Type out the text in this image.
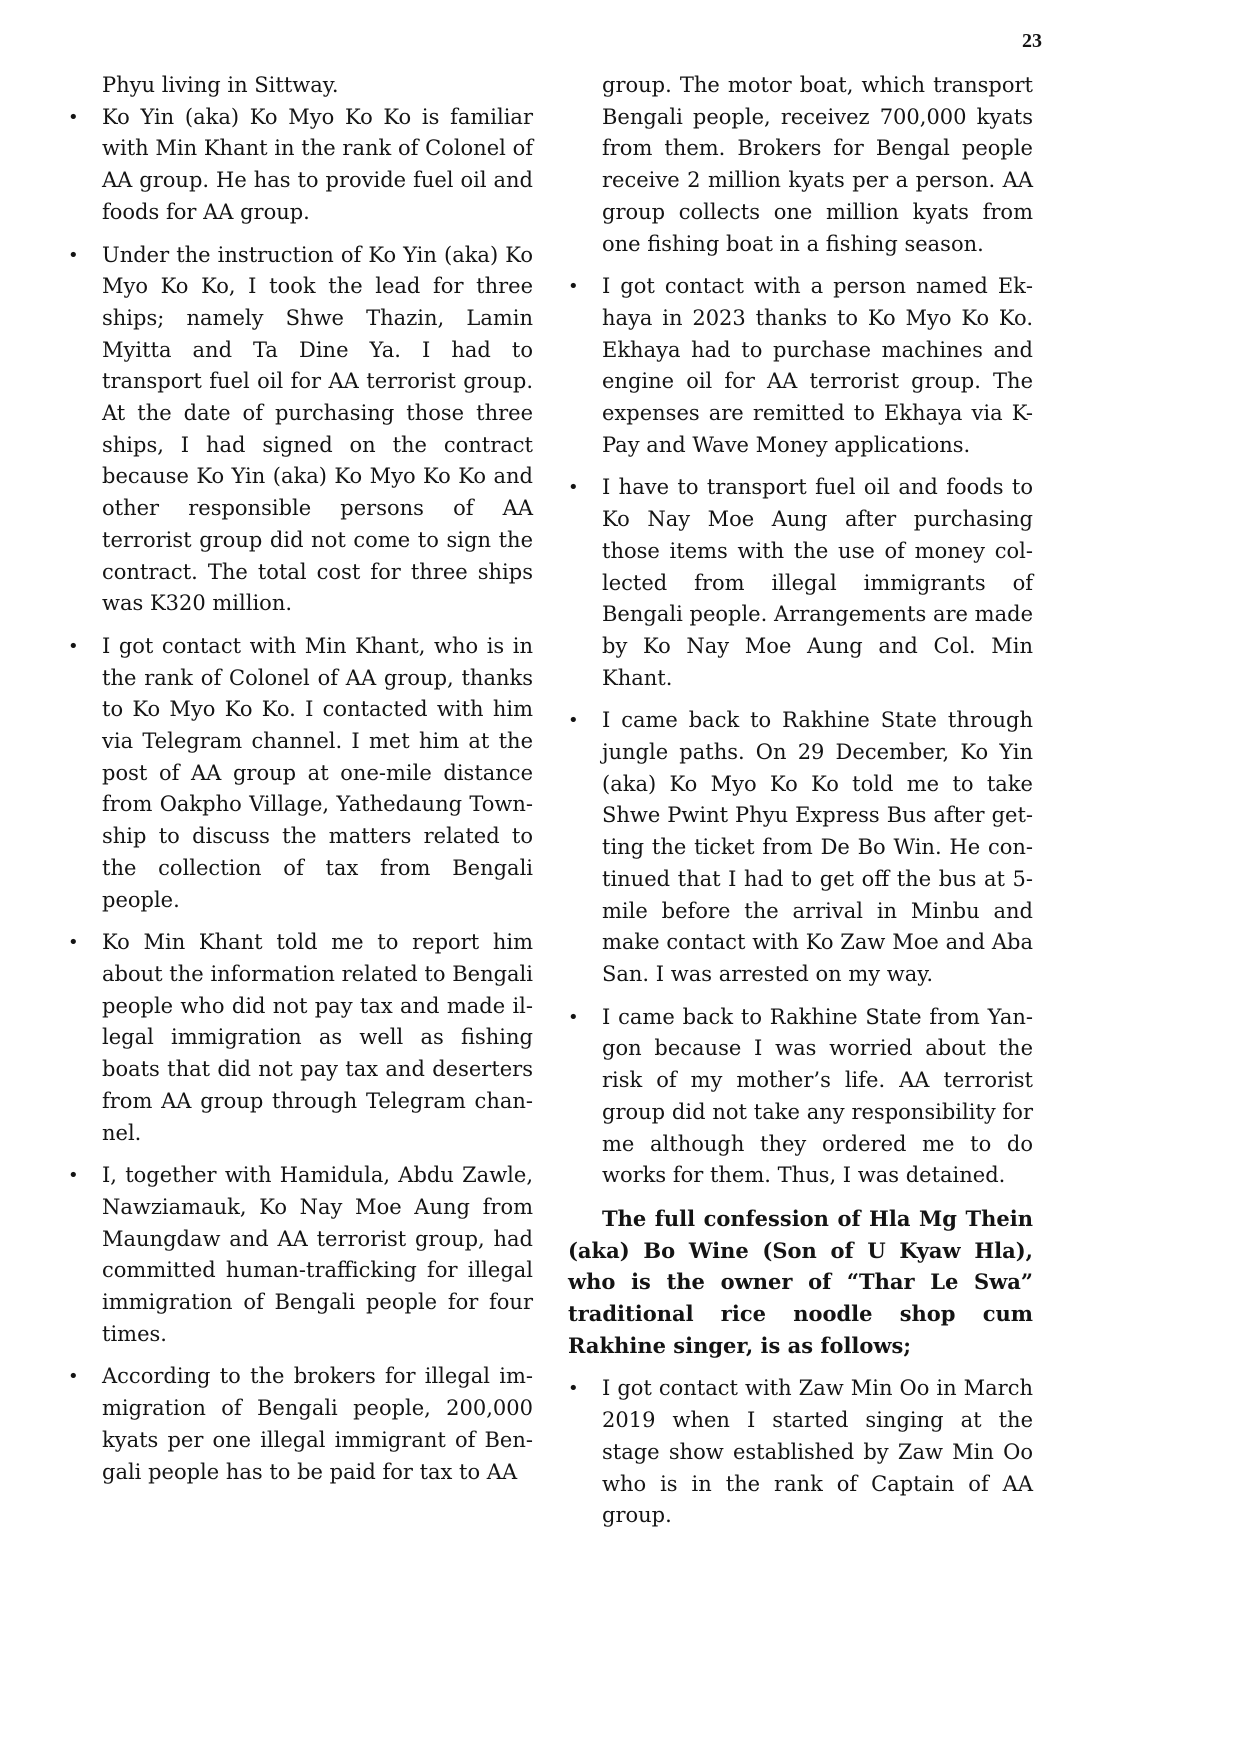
23

Phyu living in Sittway.

• Ko Yin (aka) Ko Myo Ko Ko is familiar with Min Khant in the rank of Colonel of AA group. He has to provide fuel oil and foods for AA group.
• Under the instruction of Ko Yin (aka) Ko Myo Ko Ko, I took the lead for three ships; namely Shwe Thazin, Lamin Myitta and Ta Dine Ya. I had to transport fuel oil for AA terrorist group. At the date of purchasing those three ships, I had signed on the contract because Ko Yin (aka) Ko Myo Ko Ko and other responsible persons of AA terrorist group did not come to sign the contract. The total cost for three ships was K320 million.
• I got contact with Min Khant, who is in the rank of Colonel of AA group, thanks to Ko Myo Ko Ko. I contacted with him via Telegram channel. I met him at the post of AA group at one-mile distance from Oakpho Village, Yathedaung Township to discuss the matters related to the collection of tax from Bengali people.
• Ko Min Khant told me to report him about the information related to Bengali people who did not pay tax and made illegal immigration as well as fishing boats that did not pay tax and deserters from AA group through Telegram channel.
• I, together with Hamidula, Abdu Zawle, Nawziamauk, Ko Nay Moe Aung from Maungdaw and AA terrorist group, had committed human-trafficking for illegal immigration of Bengali people for four times.
• According to the brokers for illegal immigration of Bengali people, 200,000 kyats per one illegal immigrant of Bengali people has to be paid for tax to AA

group. The motor boat, which transport Bengali people, receivez 700,000 kyats from them. Brokers for Bengal people receive 2 million kyats per a person. AA group collects one million kyats from one fishing boat in a fishing season.

• I got contact with a person named Ekhaya in 2023 thanks to Ko Myo Ko Ko. Ekhaya had to purchase machines and engine oil for AA terrorist group. The expenses are remitted to Ekhaya via K-Pay and Wave Money applications.
• I have to transport fuel oil and foods to Ko Nay Moe Aung after purchasing those items with the use of money collected from illegal immigrants of Bengali people. Arrangements are made by Ko Nay Moe Aung and Col. Min Khant.
• I came back to Rakhine State through jungle paths. On 29 December, Ko Yin (aka) Ko Myo Ko Ko told me to take Shwe Pwint Phyu Express Bus after getting the ticket from De Bo Win. He continued that I had to get off the bus at 5-mile before the arrival in Minbu and make contact with Ko Zaw Moe and Aba San. I was arrested on my way.
• I came back to Rakhine State from Yangon because I was worried about the risk of my mother’s life. AA terrorist group did not take any responsibility for me although they ordered me to do works for them. Thus, I was detained.

The full confession of Hla Mg Thein (aka) Bo Wine (Son of U Kyaw Hla), who is the owner of “Thar Le Swa” traditional rice noodle shop cum Rakhine singer, is as follows;

• I got contact with Zaw Min Oo in March 2019 when I started singing at the stage show established by Zaw Min Oo who is in the rank of Captain of AA group.
